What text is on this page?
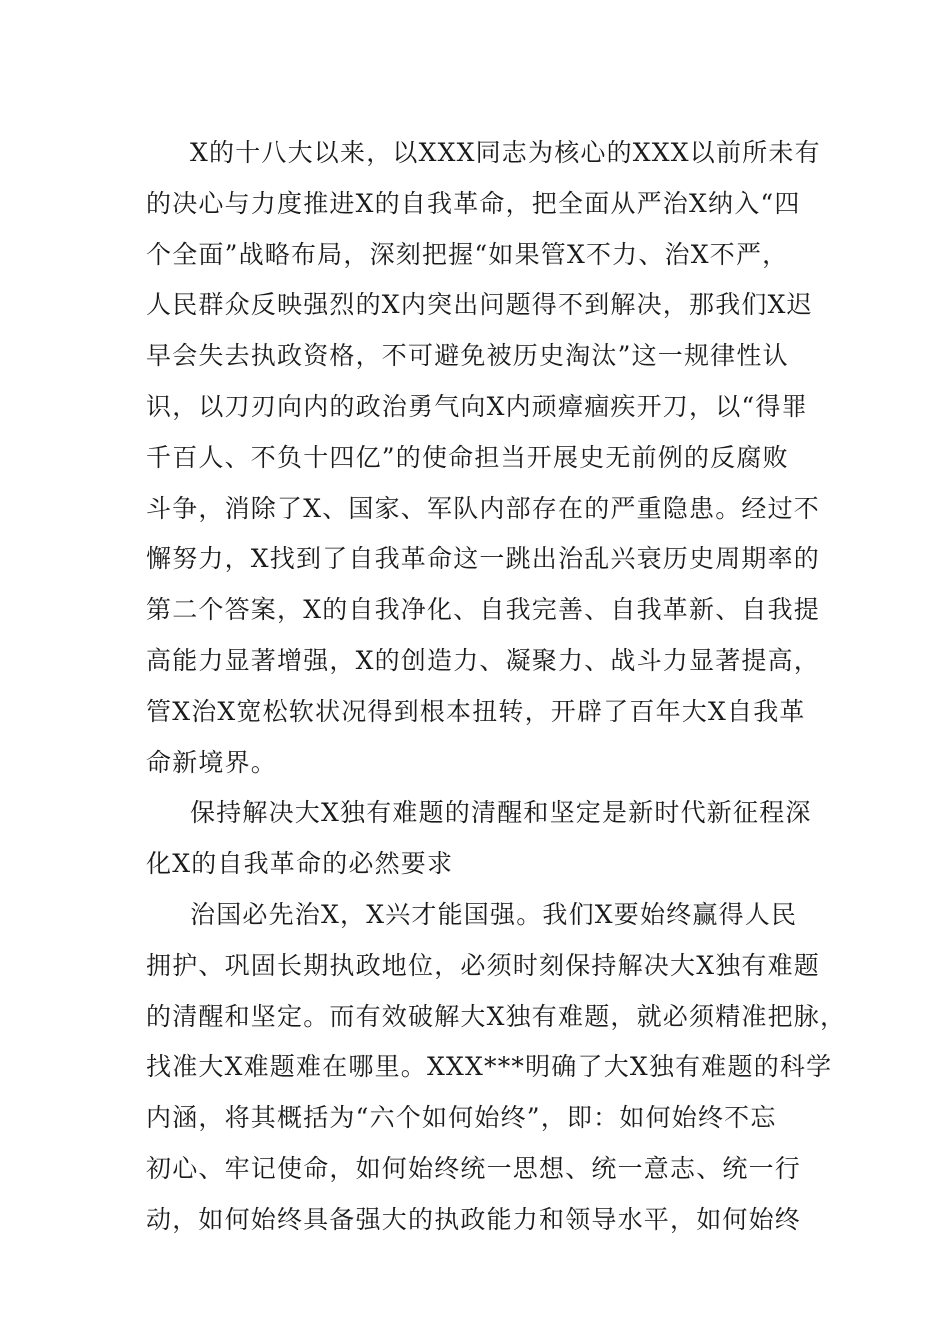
X的十八大以来，以XXX同志为核心的XXX以前所未有
的决心与力度推进X的自我革命，把全面从严治X纳入“四
个全面”战略布局，深刻把握“如果管X不力、治X不严，
人民群众反映强烈的X内突出问题得不到解决，那我们X迟
早会失去执政资格，不可避免被历史淘汰”这一规律性认
识，以刀刃向内的政治勇气向X内顽瘴痼疾开刀，以“得罪
千百人、不负十四亿”的使命担当开展史无前例的反腐败
斗争，消除了X、国家、军队内部存在的严重隐患。经过不
懈努力，X找到了自我革命这一跳出治乱兴衰历史周期率的
第二个答案，X的自我净化、自我完善、自我革新、自我提
高能力显著增强，X的创造力、凝聚力、战斗力显著提高，
管X治X宽松软状况得到根本扭转，开辟了百年大X自我革
命新境界。
保持解决大X独有难题的清醒和坚定是新时代新征程深
化X的自我革命的必然要求
治国必先治X，X兴才能国强。我们X要始终赢得人民
拥护、巩固长期执政地位，必须时刻保持解决大X独有难题
的清醒和坚定。而有效破解大X独有难题，就必须精准把脉，
找准大X难题难在哪里。XXX***明确了大X独有难题的科学
内涵，将其概括为“六个如何始终”，即：如何始终不忘
初心、牢记使命，如何始终统一思想、统一意志、统一行
动，如何始终具备强大的执政能力和领导水平，如何始终
